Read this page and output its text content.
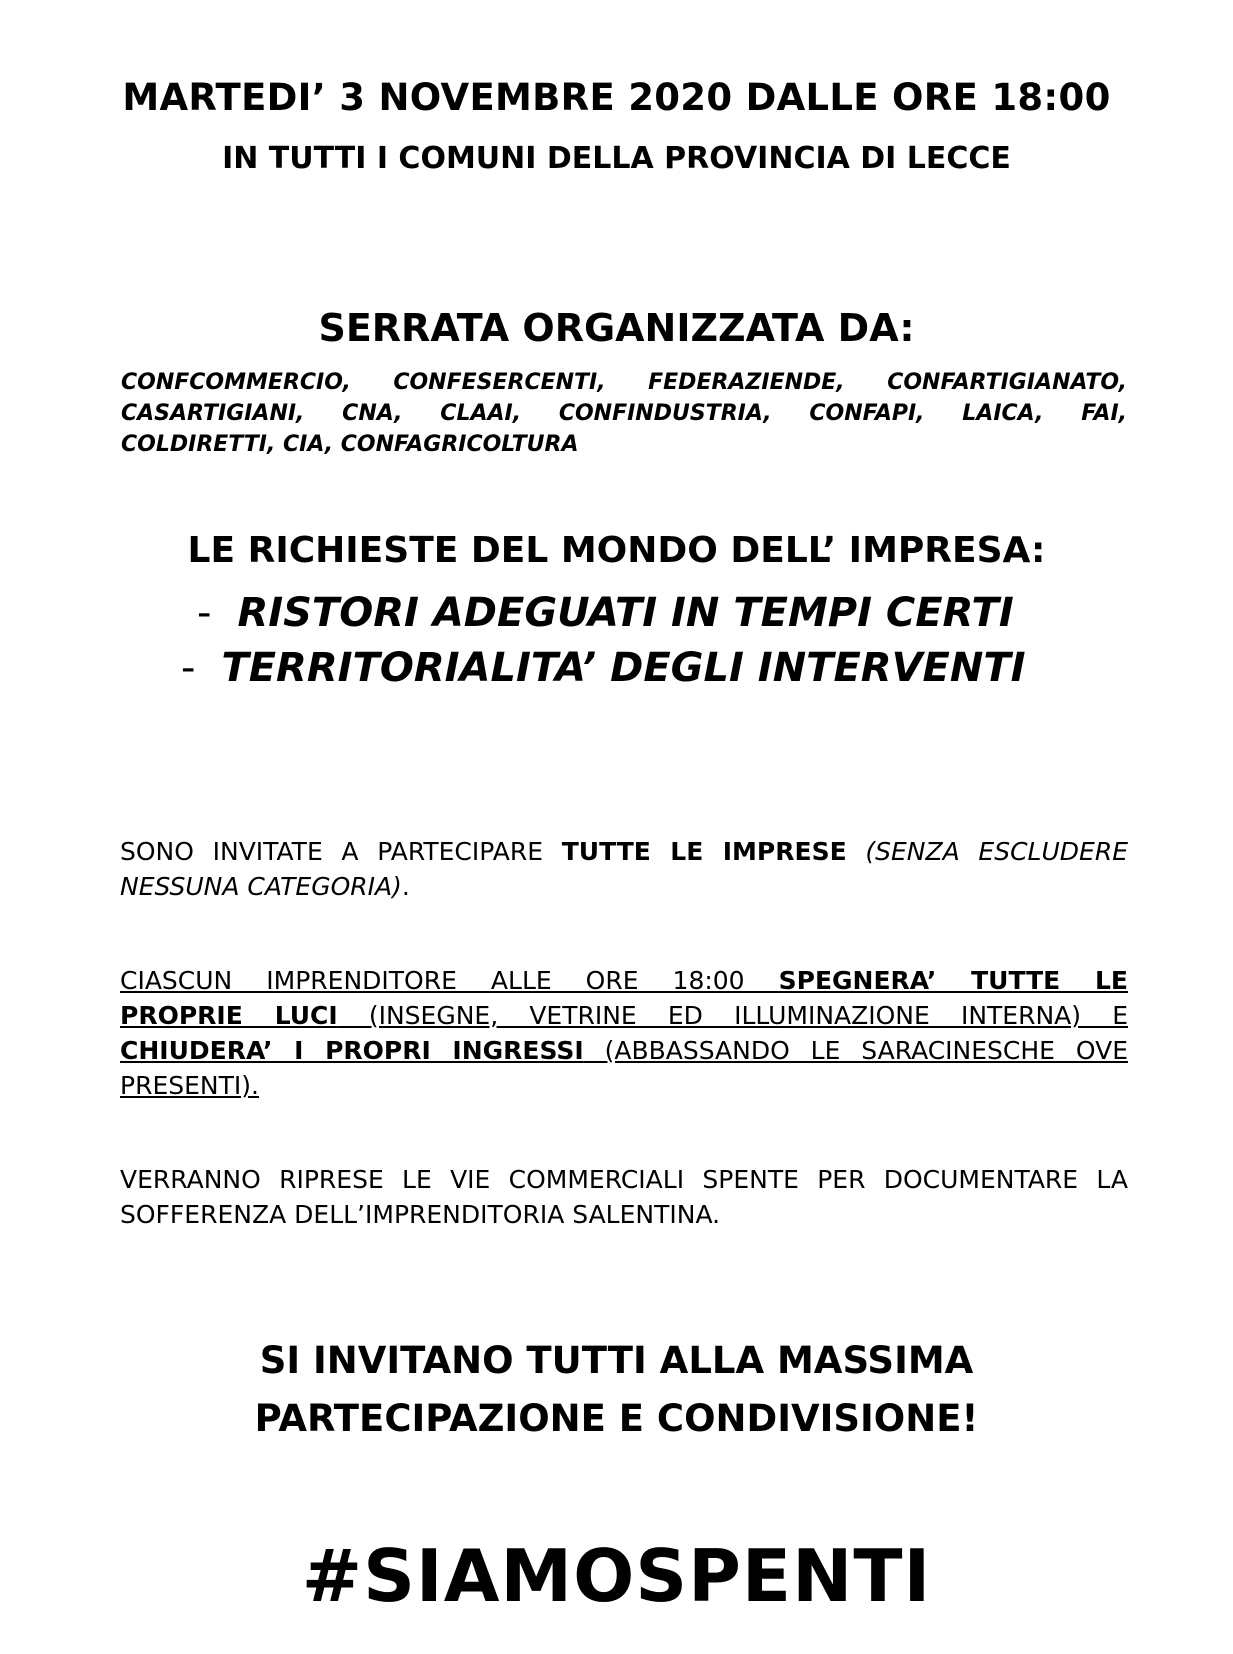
MARTEDI’ 3 NOVEMBRE 2020 DALLE ORE 18:00
IN TUTTI I COMUNI DELLA PROVINCIA DI LECCE
SERRATA ORGANIZZATA DA:
CONFCOMMERCIO, CONFESERCENTI, FEDERAZIENDE, CONFARTIGIANATO,
CASARTIGIANI, CNA, CLAAI, CONFINDUSTRIA, CONFAPI, LAICA, FAI,
COLDIRETTI, CIA, CONFAGRICOLTURA
LE RICHIESTE DEL MONDO DELL’ IMPRESA:
- RISTORI ADEGUATI IN TEMPI CERTI
- TERRITORIALITA’ DEGLI INTERVENTI
SONO INVITATE A PARTECIPARE TUTTE LE IMPRESE (SENZA ESCLUDERE
NESSUNA CATEGORIA).
CIASCUN IMPRENDITORE ALLE ORE 18:00 SPEGNERA’ TUTTE LE
PROPRIE LUCI (INSEGNE, VETRINE ED ILLUMINAZIONE INTERNA) E
CHIUDERA’ I PROPRI INGRESSI (ABBASSANDO LE SARACINESCHE OVE
PRESENTI).
VERRANNO RIPRESE LE VIE COMMERCIALI SPENTE PER DOCUMENTARE LA
SOFFERENZA DELL’IMPRENDITORIA SALENTINA.
SI INVITANO TUTTI ALLA MASSIMA
PARTECIPAZIONE E CONDIVISIONE!
#SIAMOSPENTI
